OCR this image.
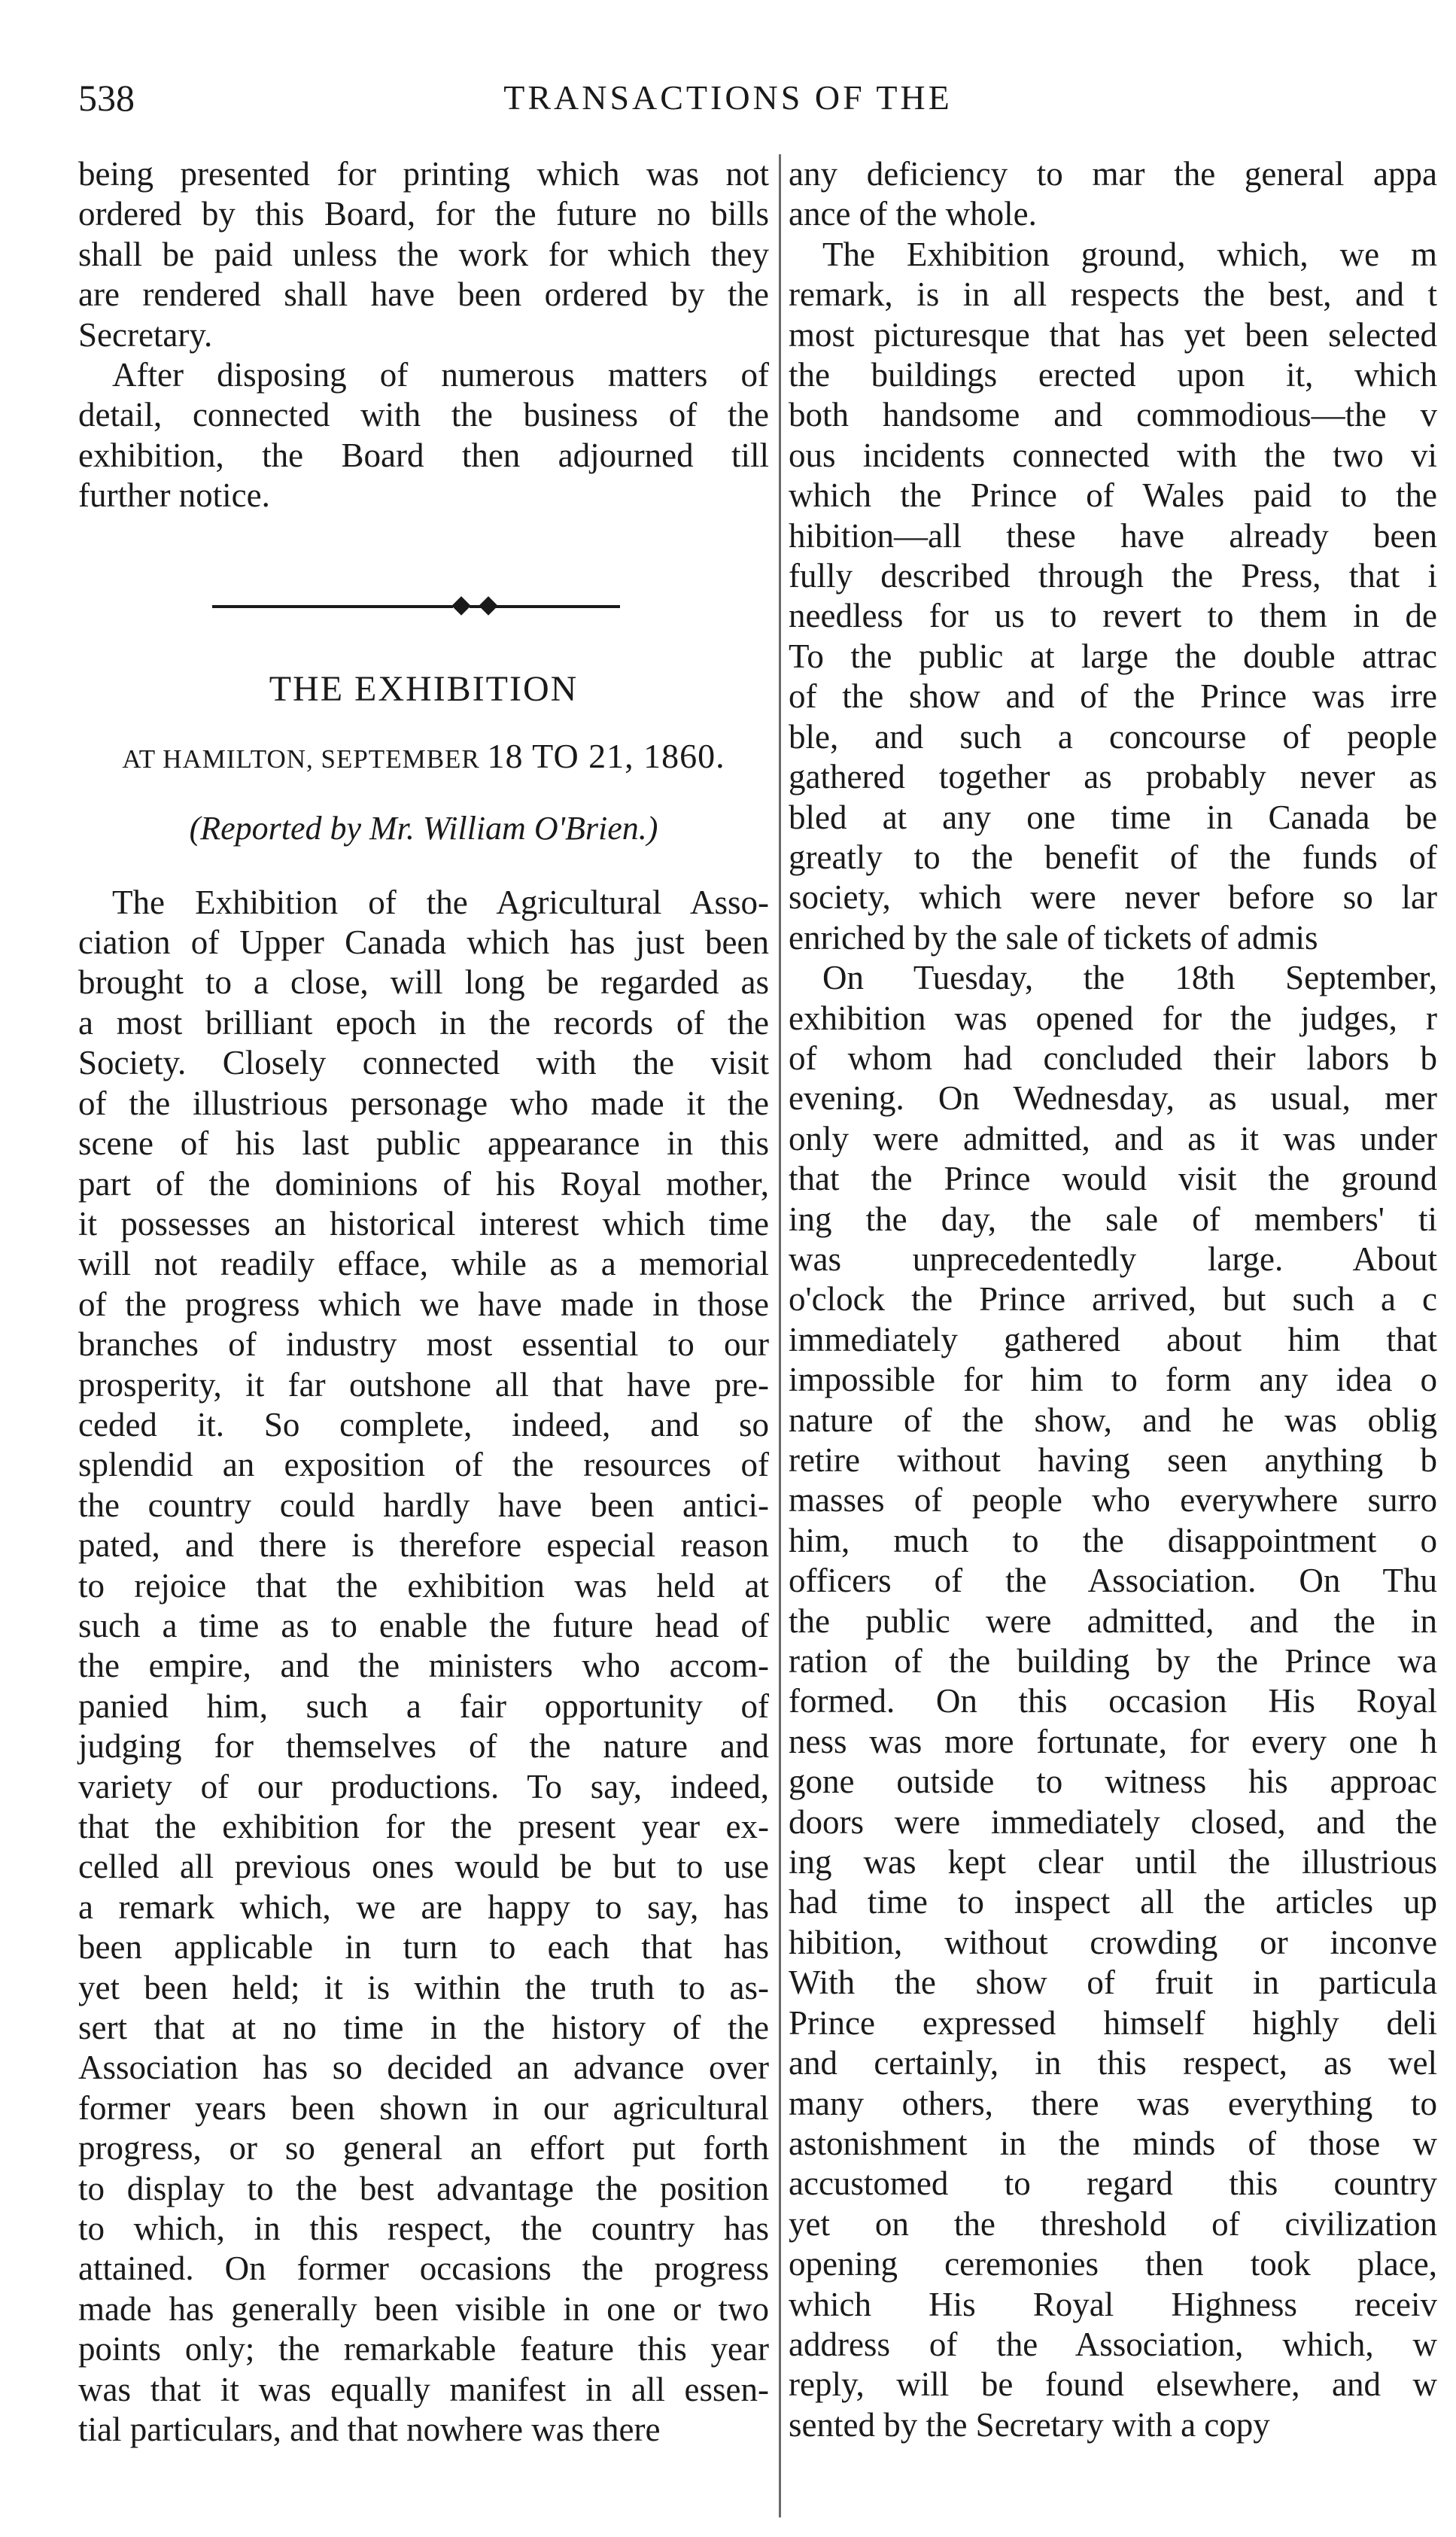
538	TRANSACTIONS OF THE

being presented for printing which was not
ordered by this Board, for the future no bills
shall be paid unless the work for which they
are rendered shall have been ordered by the
Secretary.

After disposing of numerous matters of
detail, connected with the business of the
exhibition, the Board then adjourned till
further notice.

THE EXHIBITION
AT HAMILTON, SEPTEMBER 18 TO 21, 1860.
(Reported by Mr. William O'Brien.)

The Exhibition of the Agricultural Asso-
ciation of Upper Canada which has just been
brought to a close, will long be regarded as
a most brilliant epoch in the records of the
Society. Closely connected with the visit
of the illustrious personage who made it the
scene of his last public appearance in this
part of the dominions of his Royal mother,
it possesses an historical interest which time
will not readily efface, while as a memorial
of the progress which we have made in those
branches of industry most essential to our
prosperity, it far outshone all that have pre-
ceded it. So complete, indeed, and so
splendid an exposition of the resources of
the country could hardly have been antici-
pated, and there is therefore especial reason
to rejoice that the exhibition was held at
such a time as to enable the future head of
the empire, and the ministers who accom-
panied him, such a fair opportunity of
judging for themselves of the nature and
variety of our productions. To say, indeed,
that the exhibition for the present year ex-
celled all previous ones would be but to use
a remark which, we are happy to say, has
been applicable in turn to each that has
yet been held; it is within the truth to as-
sert that at no time in the history of the
Association has so decided an advance over
former years been shown in our agricultural
progress, or so general an effort put forth
to display to the best advantage the position
to which, in this respect, the country has
attained. On former occasions the progress
made has generally been visible in one or two
points only; the remarkable feature this year
was that it was equally manifest in all essen-
tial particulars, and that nowhere was there

any deficiency to mar the general appa
ance of the whole.

The Exhibition ground, which, we m
remark, is in all respects the best, and t
most picturesque that has yet been selected
the buildings erected upon it, which
both handsome and commodious—the v
ous incidents connected with the two vi
which the Prince of Wales paid to the
hibition—all these have already been
fully described through the Press, that i
needless for us to revert to them in de
To the public at large the double attrac
of the show and of the Prince was irre
ble, and such a concourse of people
gathered together as probably never as
bled at any one time in Canada be
greatly to the benefit of the funds of
society, which were never before so lar
enriched by the sale of tickets of admis

On Tuesday, the 18th September,
exhibition was opened for the judges, r
of whom had concluded their labors b
evening. On Wednesday, as usual, mer
only were admitted, and as it was under
that the Prince would visit the ground
ing the day, the sale of members' ti
was unprecedentedly large. About
o'clock the Prince arrived, but such a c
immediately gathered about him that
impossible for him to form any idea o
nature of the show, and he was oblig
retire without having seen anything b
masses of people who everywhere surro
him, much to the disappointment o
officers of the Association. On Thu
the public were admitted, and the in
ration of the building by the Prince wa
formed. On this occasion His Royal
ness was more fortunate, for every one h
gone outside to witness his approac
doors were immediately closed, and the
ing was kept clear until the illustrious
had time to inspect all the articles up
hibition, without crowding or inconve
With the show of fruit in particula
Prince expressed himself highly deli
and certainly, in this respect, as wel
many others, there was everything to
astonishment in the minds of those w
accustomed to regard this country
yet on the threshold of civilization
opening ceremonies then took place,
which His Royal Highness receiv
address of the Association, which, w
reply, will be found elsewhere, and w
sented by the Secretary with a copy
